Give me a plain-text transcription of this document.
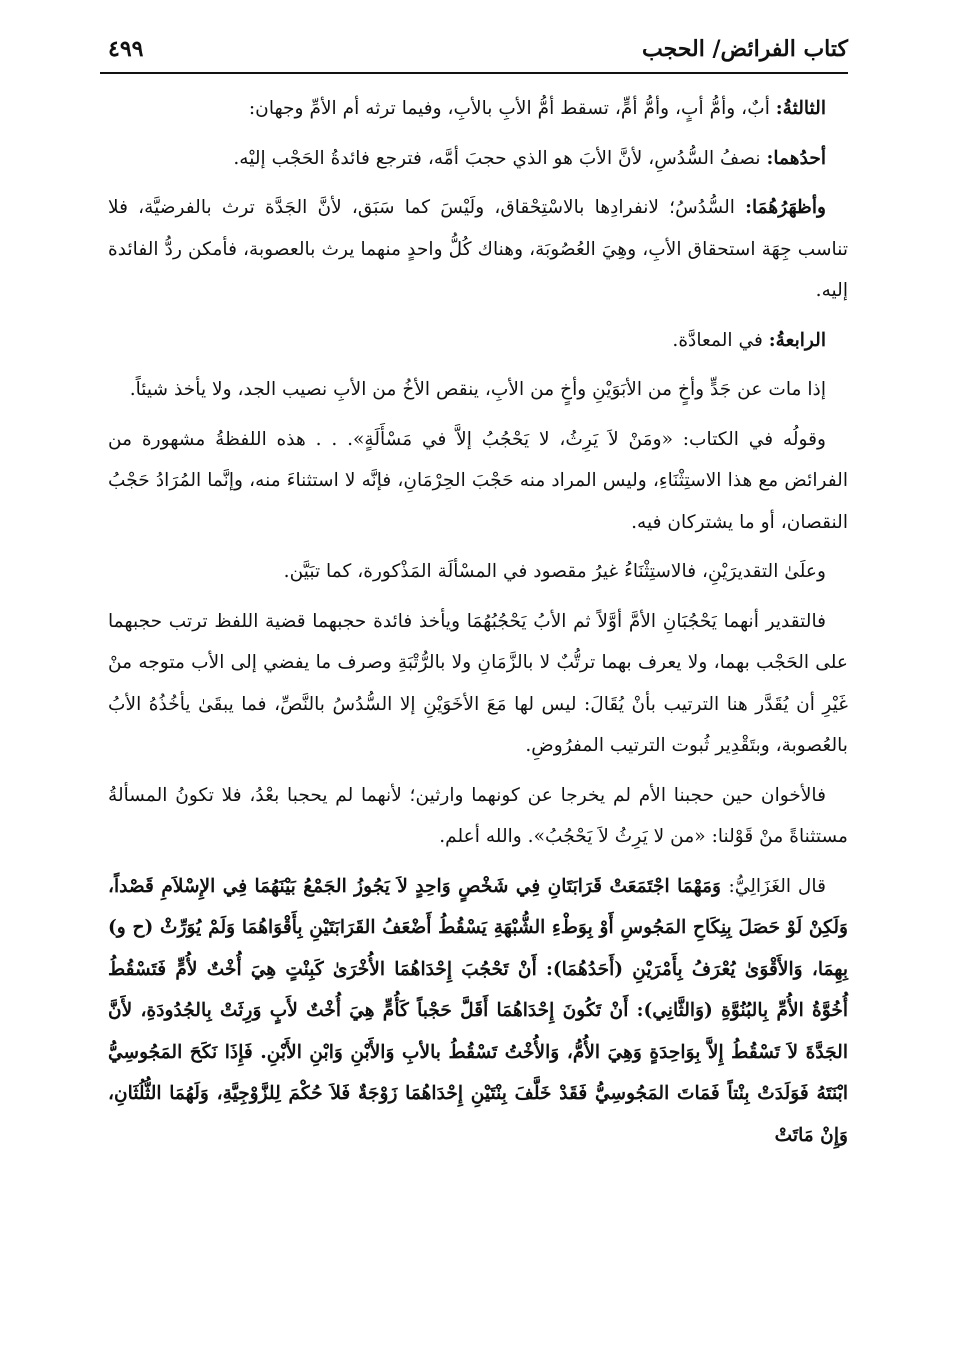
كتاب الفرائض/ الحجب
٤٩٩

الثالثةُ: أبٌ، وأمُّ أبٍ، وأمُّ أمٍّ، تسقط أمُّ الأبِ بالأبِ، وفيما ترثه أم الأمِّ وجهان:

أحدُهما: نصفُ السُّدُسِ، لأنَّ الأبَ هو الذي حجبَ أمَّه، فترجع فائدةُ الحَجْب إليْه.

وأظهَرُهُمَا: السُّدُسُ؛ لانفرادِها بالاسْتِحْقاق، ولَيْسَ كما سَبَق، لأنَّ الجَدَّة ترث بالفرضيَّة، فلا تناسب جِهَة استحقاق الأبِ، وهِيَ العُصُوبَة، وهناك كُلُّ واحدٍ منهما يرث بالعصوبة، فأمكن ردُّ الفائدة إليه.

الرابعةُ: في المعادَّة.

إذا مات عن جَدٍّ وأخٍ من الأبَوَيْنِ وأخٍ من الأبِ، ينقص الأخُ من الأبِ نصيب الجد، ولا يأخذ شيئاً.

وقولُه في الكتاب: «ومَنْ لاَ يَرِثُ، لا يَحْجُبُ إلاَّ في مَسْأَلَةٍ». . . هذه اللفظةُ مشهورة من الفرائض مع هذا الاستِثْنَاءِ، وليس المراد منه حَجْبَ الحِرْمَانِ، فإنَّه لا استثناءَ منه، وإنَّما المُرَادُ حَجْبُ النقصان، أو ما يشتركان فيه.

وعلَىٰ التقديرَيْنِ، فالاستِثْنَاءُ غيرُ مقصود في المسْألَة المَذْكورة، كما تبَيَّن.

فالتقدير أنهما يَحْجُبَانِ الأمَّ أوَّلاً ثم الأبُ يَحْجُبُهُمَا ويأخذ فائدة حجبهما قضية اللفظ ترتب حجبهما على الحَجْب بهما، ولا يعرف بهما ترتُّبٌ لا بالزَّمَانِ ولا بالرُّتْبَةِ وصرف ما يفضي إلى الأب متوجه منْ غَيْرِ أن يُقَدَّر هنا الترتيب بأنْ يُقَالَ: ليس لها مَعَ الأخَوَيْنِ إلا السُّدُسُ بالنَّصِّ، فما يبقَىٰ يأخُذُهُ الأبُ بالعُصوبة، وبتَقْدِير ثُبوت الترتيب المفرُوضِ.

فالأخوان حين حجبنا الأم لم يخرجا عن كونهما وارثين؛ لأنهما لم يحجبا بعْدُ، فلا تكونُ المسألةُ مستثناةً منْ قَوْلنا: «من لا يَرِثُ لاَ يَحْجُبُ». والله أعلم.

قال الغَزَالِيُّ: وَمَهْمَا اجْتَمَعَتْ قَرَابَتَانِ فِي شَخْصٍ وَاحِدٍ لاَ يَجُوزُ الجَمْعُ بَيْنَهُمَا فِي الإِسْلاَمِ قَصْداً، وَلَكِنْ لَوْ حَصَلَ بِنِكَاحِ المَجُوسِ أَوْ بِوَطْءِ الشُّبْهَةِ يَسْقُطُ أَضْعَفُ القَرَابَتَيْنِ بِأَقْوَاهُمَا وَلَمْ يُوَرِّثْ (ح و) بِهِمَا، وَالأَقْوَىٰ يُعْرَفُ بِأَمْرَيْنِ (أَحَدُهُمَا): أَنْ تَحْجُبَ إِحْدَاهُمَا الأُخْرَىٰ كَبِنْتٍ هِيَ أُخْتٌ لأُمٍّ فَتَسْقُطُ أُخُوَّةُ الأُمِّ بِالبُنُوَّةِ (وَالثَّانِي): أَنْ تَكُونَ إِحْدَاهُمَا أَقَلَّ حَجْباً كَأُمٍّ هِيَ أُخْتٌ لأَبٍ وَرِثَتْ بِالجُدُودَةِ، لأَنَّ الجَدَّةَ لاَ تَسْقُطُ إِلاَّ بِوَاحِدَةٍ وَهِيَ الأُمُّ، وَالأُخْتُ تَسْقُطُ بالأبِ وَالأَبْنِ وَابْنِ الأَبْنِ. فَإِذَا نَكَحَ المَجُوسِيُّ ابْنَتَهُ فَوَلَدَتْ بِنْتاً فَمَاتَ المَجُوسِيُّ فَقَدْ خَلَّفَ بِنْتَيْنِ إِحْدَاهُمَا زَوْجَةٌ فَلاَ حُكْمَ لِلزَّوْجِيَّةِ، وَلَهُمَا الثُّلُثَانِ، وَإِنْ مَاتَتْ
